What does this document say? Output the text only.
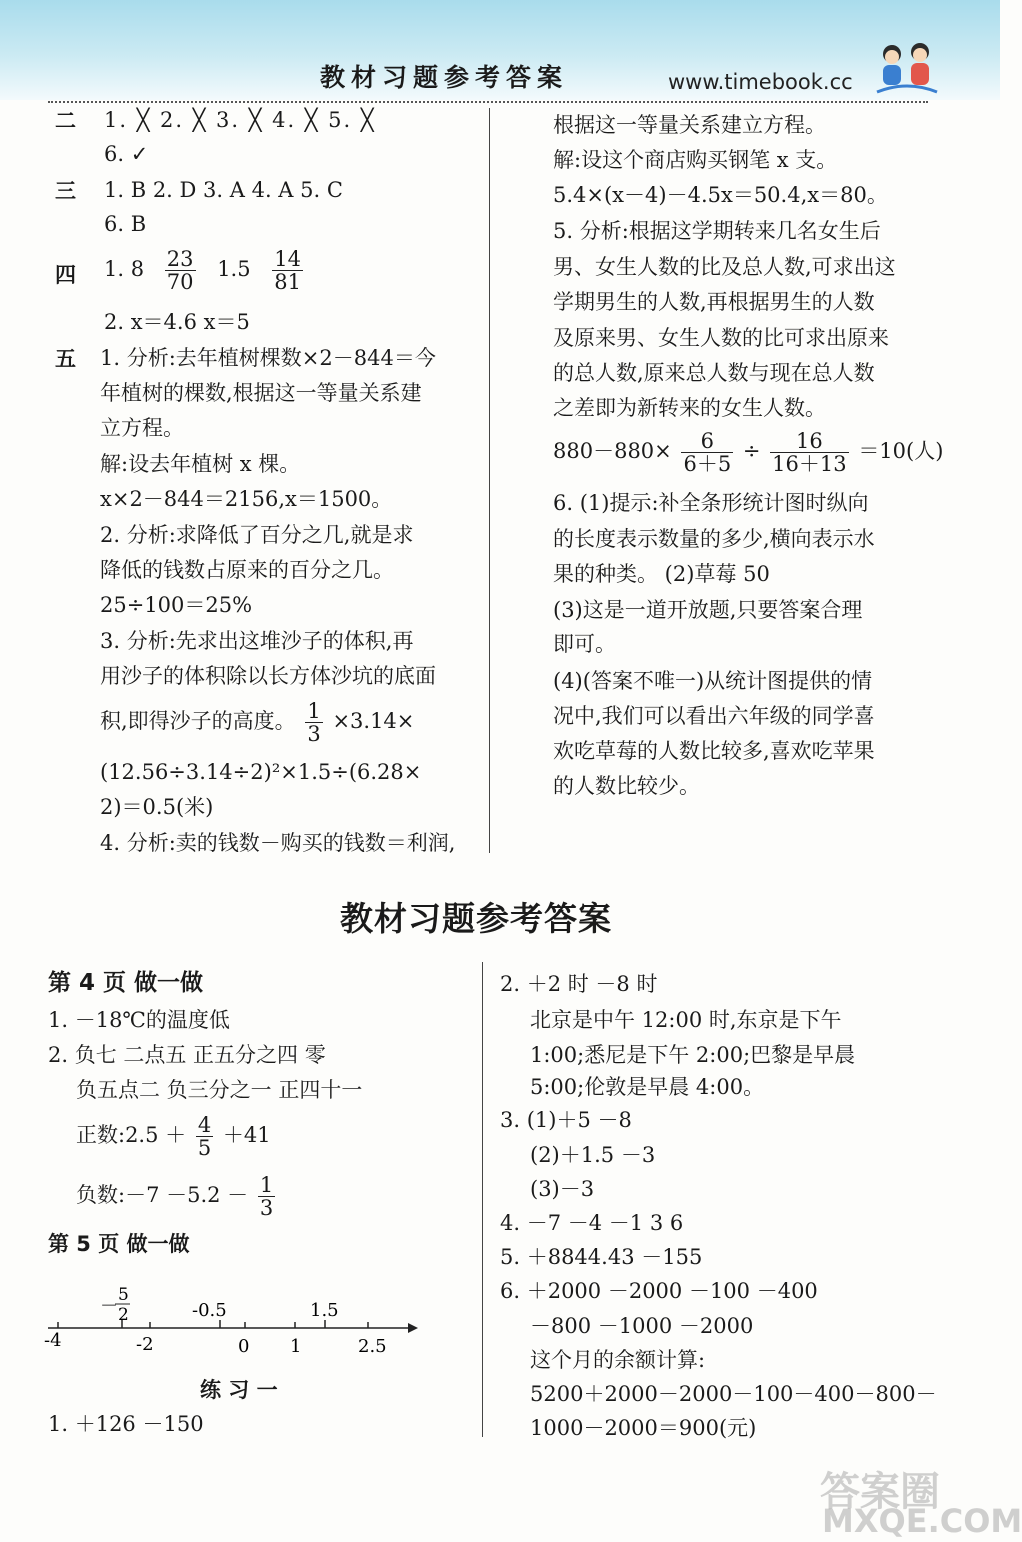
教材习题参考答案	www.timebook.cc
二 1. ╳ 2. ╳ 3. ╳ 4. ╳ 5. ╳
6. ✓
三 1. B 2. D 3. A 4. A 5. C
6. B
四 1. $8 \frac{23}{70} 1.5 \frac{14}{81}$
2. x＝4.6 x＝5
五 1. 分析:去年植树棵数×2－844＝今
年植树的棵数,根据这一等量关系建
立方程。
解:设去年植树 x 棵。
x×2－844＝2156,x＝1500。
2. 分析:求降低了百分之几,就是求
降低的钱数占原来的百分之几。
25÷100＝25%
3. 分析:先求出这堆沙子的体积,再
用沙子的体积除以长方体沙坑的底面
积,即得沙子的高度。 $\frac{1}{3} \times 3.14\times$
(12.56÷3.14÷2)²×1.5÷(6.28×
2)＝0.5(米)
4. 分析:卖的钱数－购买的钱数＝利润,
根据这一等量关系建立方程。
解:设这个商店购买钢笔 x 支。
5.4×(x－4)－4.5x＝50.4,x＝80。
5. 分析:根据这学期转来几名女生后
男、女生人数的比及总人数,可求出这
学期男生的人数,再根据男生的人数
及原来男、女生人数的比可求出原来
的总人数,原来总人数与现在总人数
之差即为新转来的女生人数。
$880-880\times \frac{6}{6+5} \div \frac{16}{16+13} =10$(人)
6. (1)提示:补全条形统计图时纵向
的长度表示数量的多少,横向表示水
果的种类。 (2)草莓 50
(3)这是一道开放题,只要答案合理
即可。
(4)(答案不唯一)从统计图提供的情
况中,我们可以看出六年级的同学喜
欢吃草莓的人数比较多,喜欢吃苹果
的人数比较少。
教材习题参考答案
第 4 页 做一做
1. －18℃的温度低
2. 负七 二点五 正五分之四 零
负五点二 负三分之一 正四十一
正数:2.5 ＋ $\frac{4}{5} +41$
负数:－7 $-5.2 - \frac{1}{3}$
第 5 页 做一做
－
5
2	-0.5	1.5
-4	-2	0 1	2.5
练 习 一
1. ＋126 －150
2. ＋2 时 －8 时
北京是中午 12:00 时,东京是下午
1:00;悉尼是下午 2:00;巴黎是早晨
5:00;伦敦是早晨 4:00。
3. (1)＋5 －8
(2)＋1.5 －3
(3)－3
4. －7 －4 －1 3 6
5. ＋8844.43 －155
6. ＋2000 －2000 －100 －400
－800 －1000 －2000
这个月的余额计算:
5200＋2000－2000－100－400－800－
1000－2000＝900(元)
答案圈
MXQE.COM
